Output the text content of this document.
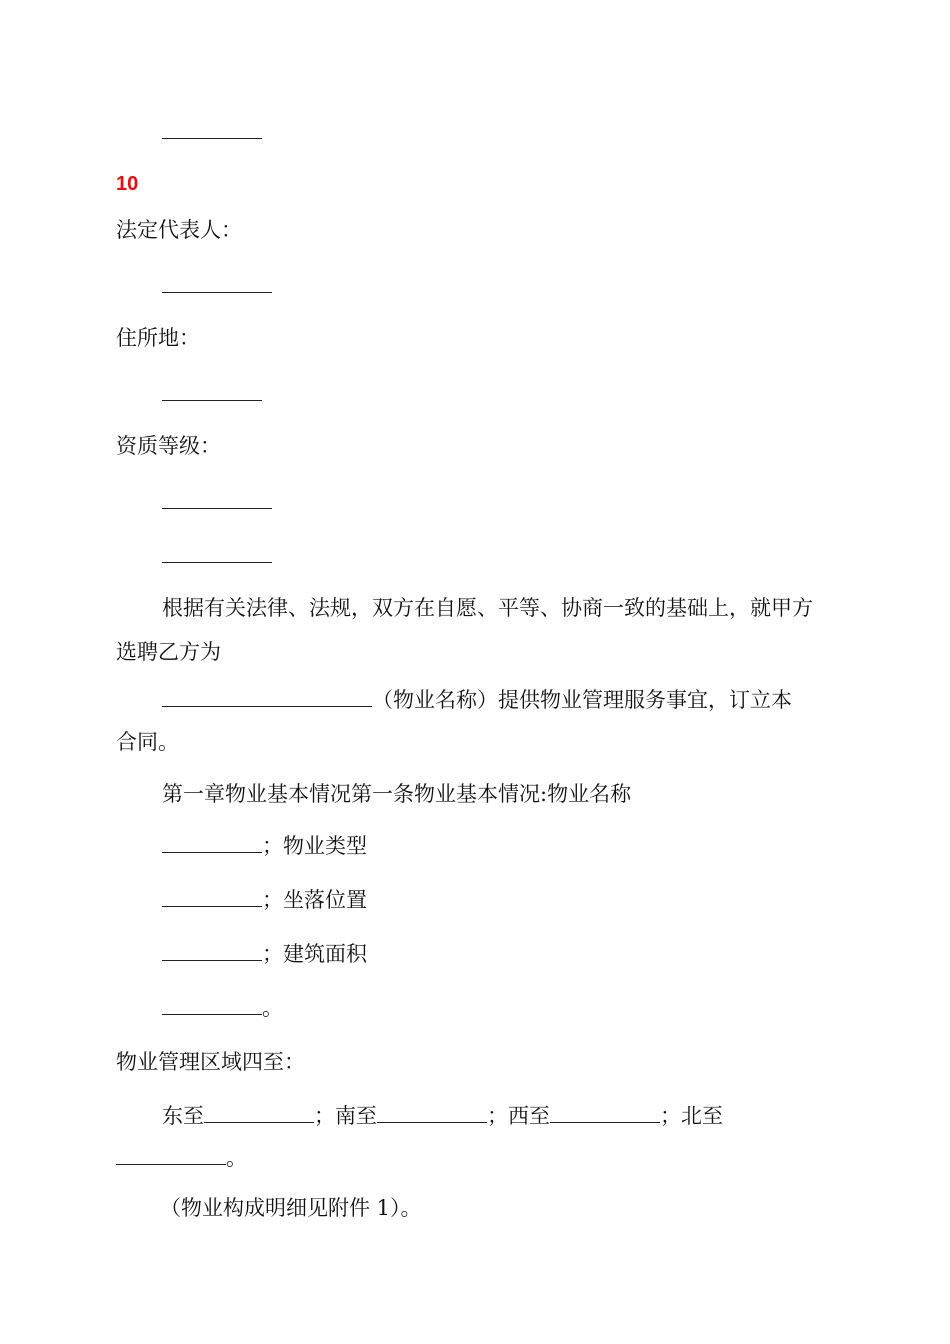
10
法定代表人：
住所地：
资质等级：
根据有关法律、法规，双方在自愿、平等、协商一致的基础上，就甲方选聘乙方为
（物业名称）提供物业管理服务事宜，订立本
合同。
第一章物业基本情况第一条物业基本情况:物业名称
；物业类型
；坐落位置
；建筑面积
。
物业管理区域四至：
东至	；南至	；西至	；北至
。
（物业构成明细见附件 1）。
